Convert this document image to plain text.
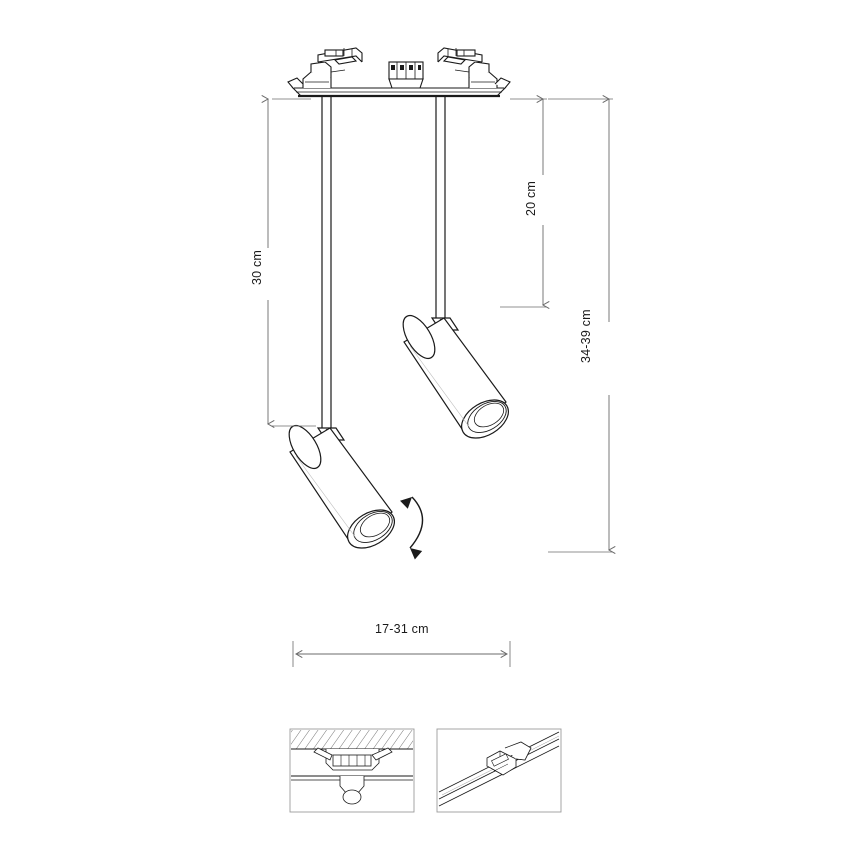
30 cm
20 cm
34-39 cm
17-31 cm
